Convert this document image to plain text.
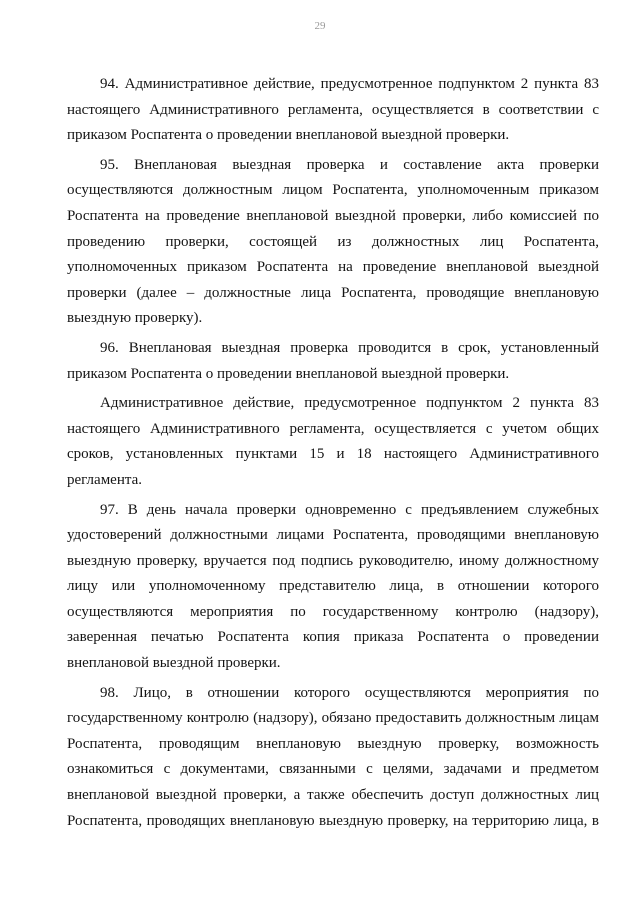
29

94. Административное действие, предусмотренное подпунктом 2 пункта 83 настоящего Административного регламента, осуществляется в соответствии с приказом Роспатента о проведении внеплановой выездной проверки.

95. Внеплановая выездная проверка и составление акта проверки осуществляются должностным лицом Роспатента, уполномоченным приказом Роспатента на проведение внеплановой выездной проверки, либо комиссией по проведению проверки, состоящей из должностных лиц Роспатента, уполномоченных приказом Роспатента на проведение внеплановой выездной проверки (далее – должностные лица Роспатента, проводящие внеплановую выездную проверку).

96. Внеплановая выездная проверка проводится в срок, установленный приказом Роспатента о проведении внеплановой выездной проверки.

Административное действие, предусмотренное подпунктом 2 пункта 83 настоящего Административного регламента, осуществляется с учетом общих сроков, установленных пунктами 15 и 18 настоящего Административного регламента.

97. В день начала проверки одновременно с предъявлением служебных удостоверений должностными лицами Роспатента, проводящими внеплановую выездную проверку, вручается под подпись руководителю, иному должностному лицу или уполномоченному представителю лица, в отношении которого осуществляются мероприятия по государственному контролю (надзору), заверенная печатью Роспатента копия приказа Роспатента о проведении внеплановой выездной проверки.

98. Лицо, в отношении которого осуществляются мероприятия по государственному контролю (надзору), обязано предоставить должностным лицам Роспатента, проводящим внеплановую выездную проверку, возможность ознакомиться с документами, связанными с целями, задачами и предметом внеплановой выездной проверки, а также обеспечить доступ должностных лиц Роспатента, проводящих внеплановую выездную проверку, на территорию лица, в
